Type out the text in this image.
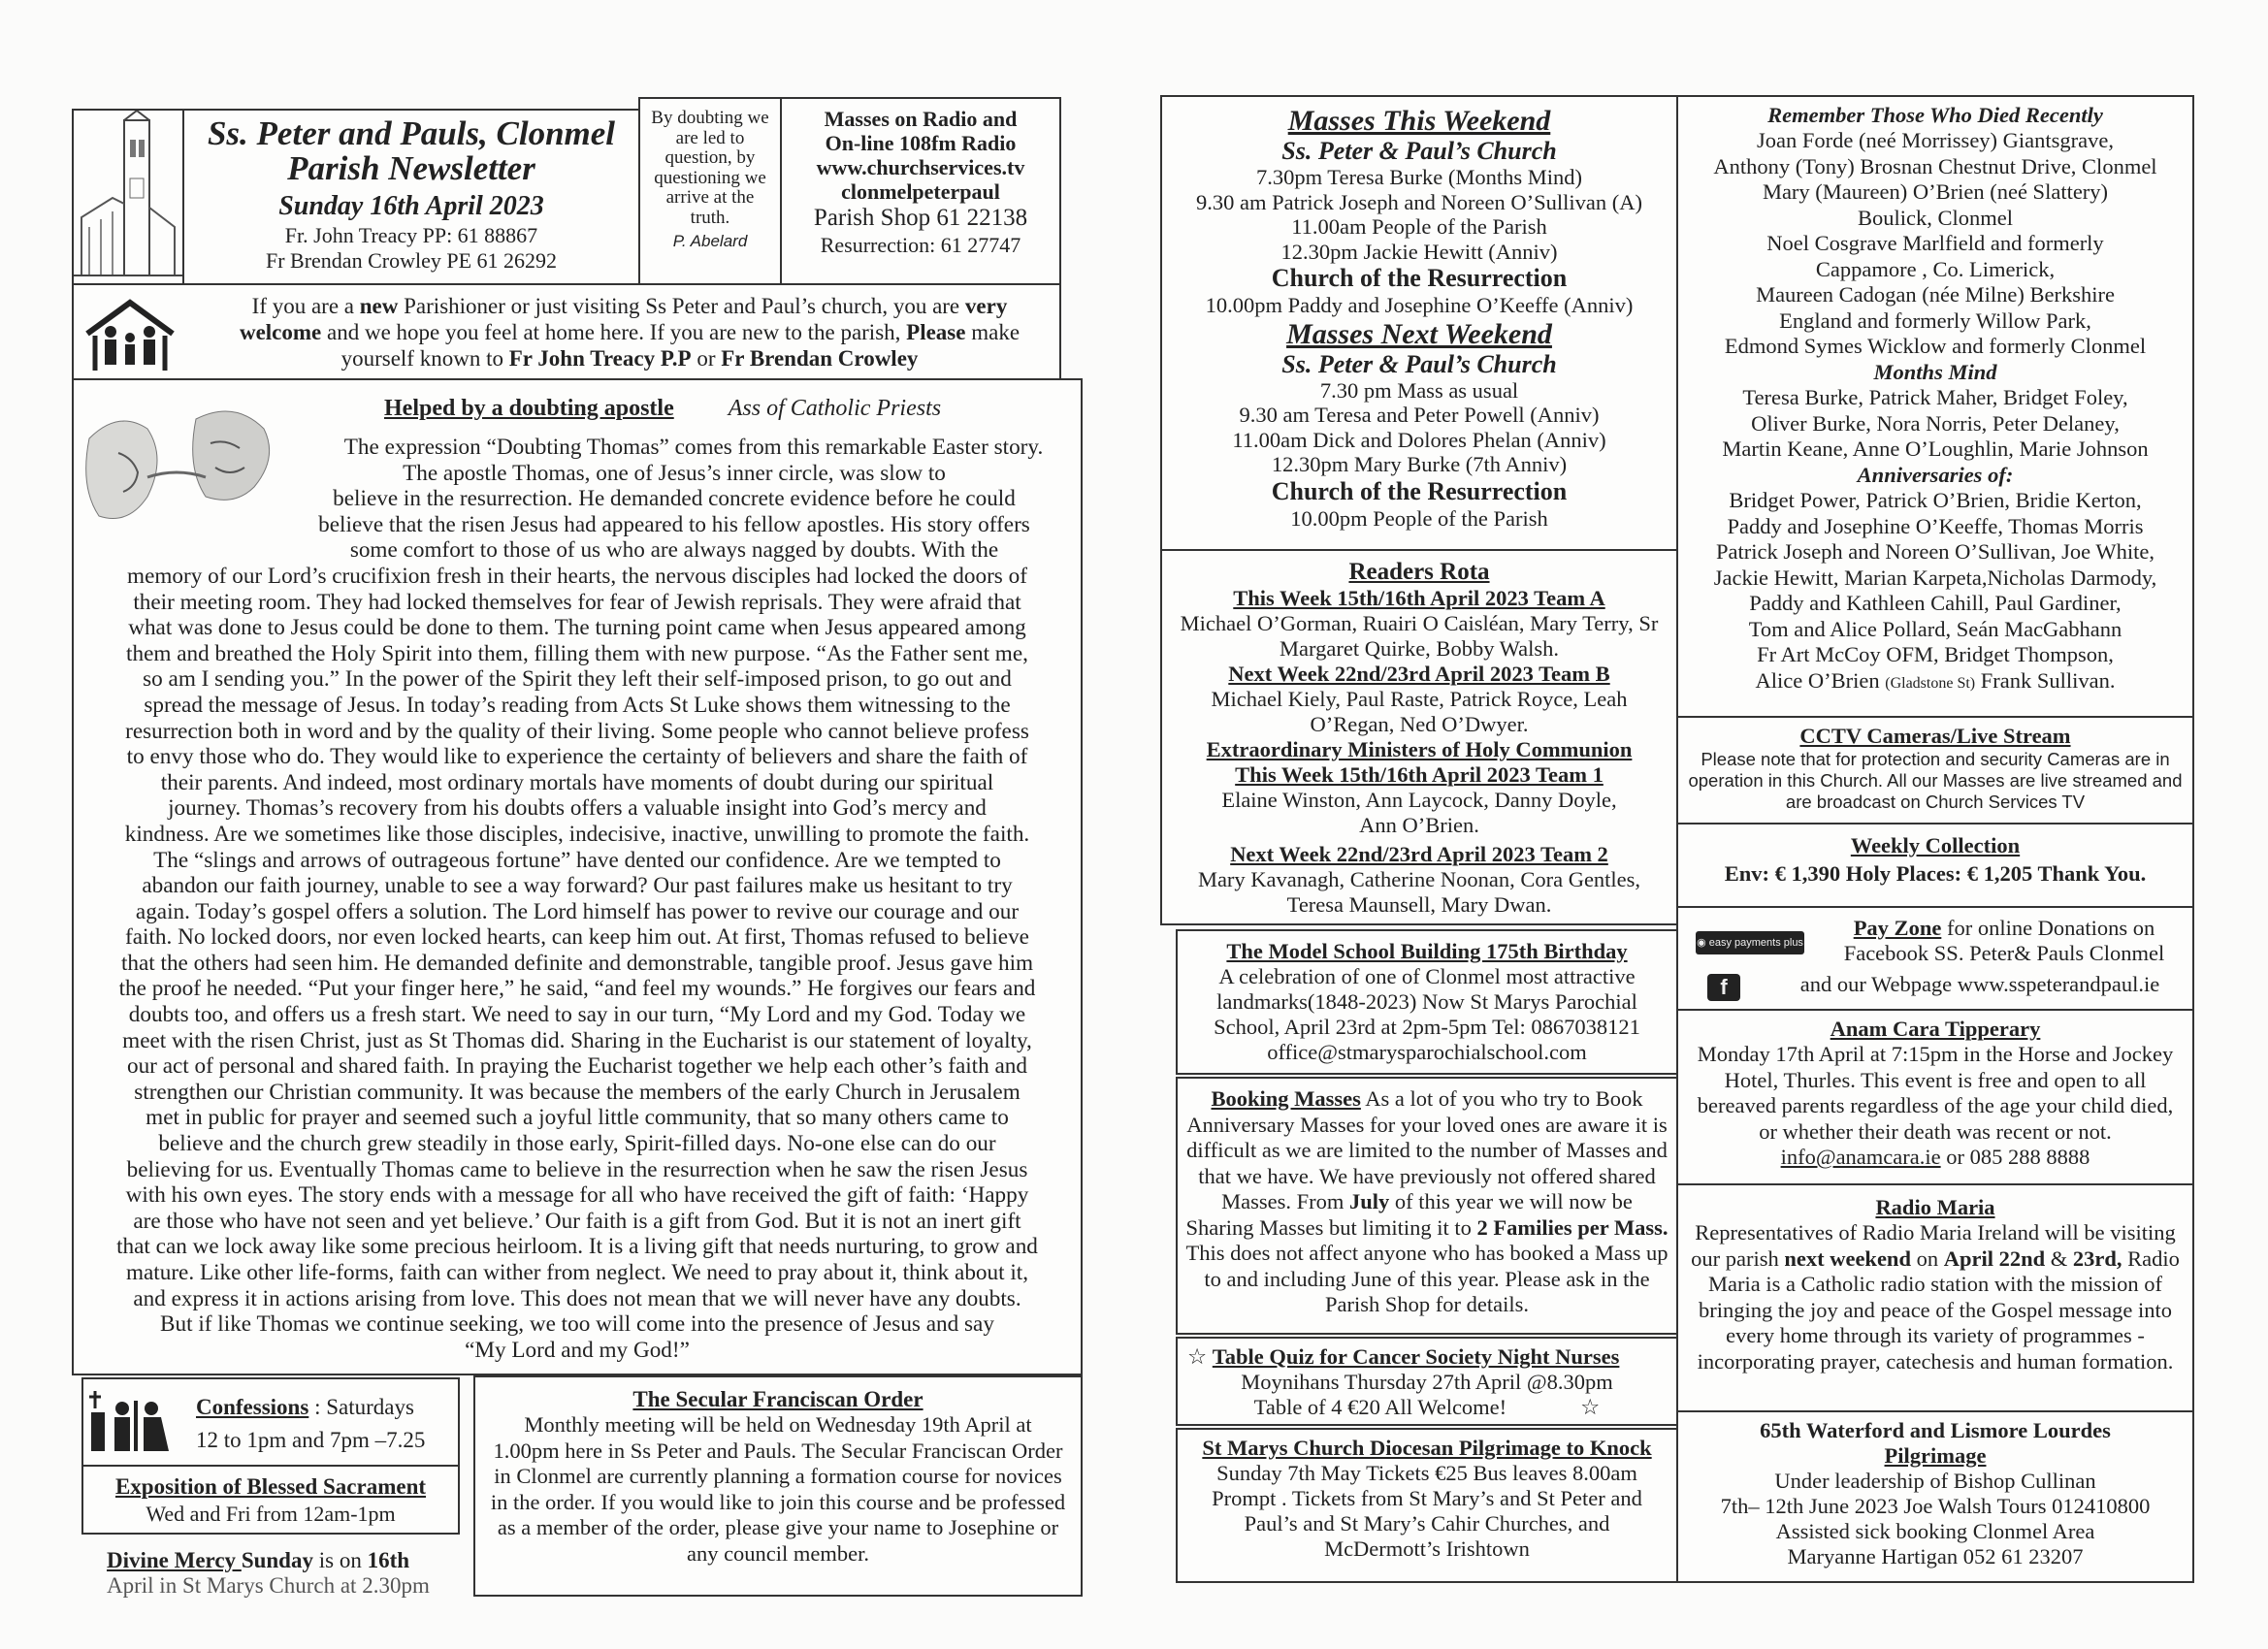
Ss. Peter and Pauls, Clonmel
Parish Newsletter
Sunday 16th April 2023
Fr. John Treacy PP: 61 88867
Fr Brendan Crowley PE 61 26292
By doubting we are led to question, by questioning we arrive at the truth.
P. Abelard
Masses on Radio and
On-line 108fm Radio
www.churchservices.tv
clonmelpeterpaul
Parish Shop 61 22138
Resurrection: 61 27747
If you are a new Parishioner or just visiting Ss Peter and Paul’s church, you are very welcome and we hope you feel at home here. If you are new to the parish, Please make yourself known to Fr John Treacy P.P or Fr Brendan Crowley
Helped by a doubting apostle Ass of Catholic Priests
The expression “Doubting Thomas” comes from this remarkable Easter story.
The apostle Thomas, one of Jesus’s inner circle, was slow to
believe in the resurrection. He demanded concrete evidence before he could
believe that the risen Jesus had appeared to his fellow apostles. His story offers
some comfort to those of us who are always nagged by doubts. With the
memory of our Lord’s crucifixion fresh in their hearts, the nervous disciples had locked the doors of
their meeting room. They had locked themselves for fear of Jewish reprisals. They were afraid that
what was done to Jesus could be done to them. The turning point came when Jesus appeared among
them and breathed the Holy Spirit into them, filling them with new purpose. “As the Father sent me,
so am I sending you.” In the power of the Spirit they left their self-imposed prison, to go out and
spread the message of Jesus. In today’s reading from Acts St Luke shows them witnessing to the
resurrection both in word and by the quality of their living. Some people who cannot believe profess
to envy those who do. They would like to experience the certainty of believers and share the faith of
their parents. And indeed, most ordinary mortals have moments of doubt during our spiritual
journey. Thomas’s recovery from his doubts offers a valuable insight into God’s mercy and
kindness. Are we sometimes like those disciples, indecisive, inactive, unwilling to promote the faith.
The “slings and arrows of outrageous fortune” have dented our confidence. Are we tempted to
abandon our faith journey, unable to see a way forward? Our past failures make us hesitant to try
again. Today’s gospel offers a solution. The Lord himself has power to revive our courage and our
faith. No locked doors, nor even locked hearts, can keep him out. At first, Thomas refused to believe
that the others had seen him. He demanded definite and demonstrable, tangible proof. Jesus gave him
the proof he needed. “Put your finger here,” he said, “and feel my wounds.” He forgives our fears and
doubts too, and offers us a fresh start. We need to say in our turn, “My Lord and my God. Today we
meet with the risen Christ, just as St Thomas did. Sharing in the Eucharist is our statement of loyalty,
our act of personal and shared faith. In praying the Eucharist together we help each other’s faith and
strengthen our Christian community. It was because the members of the early Church in Jerusalem
met in public for prayer and seemed such a joyful little community, that so many others came to
believe and the church grew steadily in those early, Spirit-filled days. No-one else can do our
believing for us. Eventually Thomas came to believe in the resurrection when he saw the risen Jesus
with his own eyes. The story ends with a message for all who have received the gift of faith: ‘Happy
are those who have not seen and yet believe.’ Our faith is a gift from God. But it is not an inert gift
that can we lock away like some precious heirloom. It is a living gift that needs nurturing, to grow and
mature. Like other life-forms, faith can wither from neglect. We need to pray about it, think about it,
and express it in actions arising from love. This does not mean that we will never have any doubts.
But if like Thomas we continue seeking, we too will come into the presence of Jesus and say
“My Lord and my God!”
Confessions : Saturdays
12 to 1pm and 7pm –7.25
Exposition of Blessed Sacrament
Wed and Fri from 12am-1pm
Divine Mercy Sunday is on 16th
April in St Marys Church at 2.30pm
The Secular Franciscan Order
Monthly meeting will be held on Wednesday 19th April at 1.00pm here in Ss Peter and Pauls. The Secular Franciscan Order in Clonmel are currently planning a formation course for novices in the order. If you would like to join this course and be professed as a member of the order, please give your name to Josephine or any council member.
Masses This Weekend
Ss. Peter & Paul’s Church
7.30pm Teresa Burke (Months Mind)
9.30 am Patrick Joseph and Noreen O’Sullivan (A)
11.00am People of the Parish
12.30pm Jackie Hewitt (Anniv)
Church of the Resurrection
10.00pm Paddy and Josephine O’Keeffe (Anniv)
Masses Next Weekend
Ss. Peter & Paul’s Church
7.30 pm Mass as usual
9.30 am Teresa and Peter Powell (Anniv)
11.00am Dick and Dolores Phelan (Anniv)
12.30pm Mary Burke (7th Anniv)
Church of the Resurrection
10.00pm People of the Parish
Readers Rota
This Week 15th/16th April 2023 Team A
Michael O’Gorman, Ruairi O Caisléan, Mary Terry, Sr Margaret Quirke, Bobby Walsh.
Next Week 22nd/23rd April 2023 Team B
Michael Kiely, Paul Raste, Patrick Royce, Leah O’Regan, Ned O’Dwyer.
Extraordinary Ministers of Holy Communion
This Week 15th/16th April 2023 Team 1
Elaine Winston, Ann Laycock, Danny Doyle, Ann O’Brien.
Next Week 22nd/23rd April 2023 Team 2
Mary Kavanagh, Catherine Noonan, Cora Gentles, Teresa Maunsell, Mary Dwan.
The Model School Building 175th Birthday
A celebration of one of Clonmel most attractive landmarks(1848-2023) Now St Marys Parochial School, April 23rd at 2pm-5pm Tel: 0867038121 office@stmarysparochialschool.com
Booking Masses As a lot of you who try to Book Anniversary Masses for your loved ones are aware it is difficult as we are limited to the number of Masses and that we have. We have previously not offered shared Masses. From July of this year we will now be Sharing Masses but limiting it to 2 Families per Mass. This does not affect anyone who has booked a Mass up to and including June of this year. Please ask in the Parish Shop for details.
☆ Table Quiz for Cancer Society Night Nurses
Moynihans Thursday 27th April @8.30pm
Table of 4 €20 All Welcome!	☆
St Marys Church Diocesan Pilgrimage to Knock
Sunday 7th May Tickets €25 Bus leaves 8.00am Prompt . Tickets from St Mary’s and St Peter and Paul’s and St Mary’s Cahir Churches, and McDermott’s Irishtown
Remember Those Who Died Recently
Joan Forde (neé Morrissey) Giantsgrave,
Anthony (Tony) Brosnan Chestnut Drive, Clonmel
Mary (Maureen) O’Brien (neé Slattery)
Boulick, Clonmel
Noel Cosgrave Marlfield and formerly
Cappamore , Co. Limerick,
Maureen Cadogan (née Milne) Berkshire
England and formerly Willow Park,
Edmond Symes Wicklow and formerly Clonmel
Months Mind
Teresa Burke, Patrick Maher, Bridget Foley,
Oliver Burke, Nora Norris, Peter Delaney,
Martin Keane, Anne O’Loughlin, Marie Johnson
Anniversaries of:
Bridget Power, Patrick O’Brien, Bridie Kerton,
Paddy and Josephine O’Keeffe, Thomas Morris
Patrick Joseph and Noreen O’Sullivan, Joe White,
Jackie Hewitt, Marian Karpeta,Nicholas Darmody,
Paddy and Kathleen Cahill, Paul Gardiner,
Tom and Alice Pollard, Seán MacGabhann
Fr Art McCoy OFM, Bridget Thompson,
Alice O’Brien (Gladstone St) Frank Sullivan.
CCTV Cameras/Live Stream
Please note that for protection and security Cameras are in operation in this Church. All our Masses are live streamed and are broadcast on Church Services TV
Weekly Collection
Env: € 1,390 Holy Places: € 1,205 Thank You.
◉ easy payments plus
f
Pay Zone for online Donations on Facebook SS. Peter& Pauls Clonmel
and our Webpage www.sspeterandpaul.ie
Anam Cara Tipperary
Monday 17th April at 7:15pm in the Horse and Jockey Hotel, Thurles. This event is free and open to all bereaved parents regardless of the age your child died, or whether their death was recent or not. info@anamcara.ie or 085 288 8888
Radio Maria
Representatives of Radio Maria Ireland will be visiting our parish next weekend on April 22nd & 23rd, Radio Maria is a Catholic radio station with the mission of bringing the joy and peace of the Gospel message into every home through its variety of programmes - incorporating prayer, catechesis and human formation.
65th Waterford and Lismore Lourdes
Pilgrimage
Under leadership of Bishop Cullinan
7th– 12th June 2023 Joe Walsh Tours 012410800
Assisted sick booking Clonmel Area
Maryanne Hartigan 052 61 23207
